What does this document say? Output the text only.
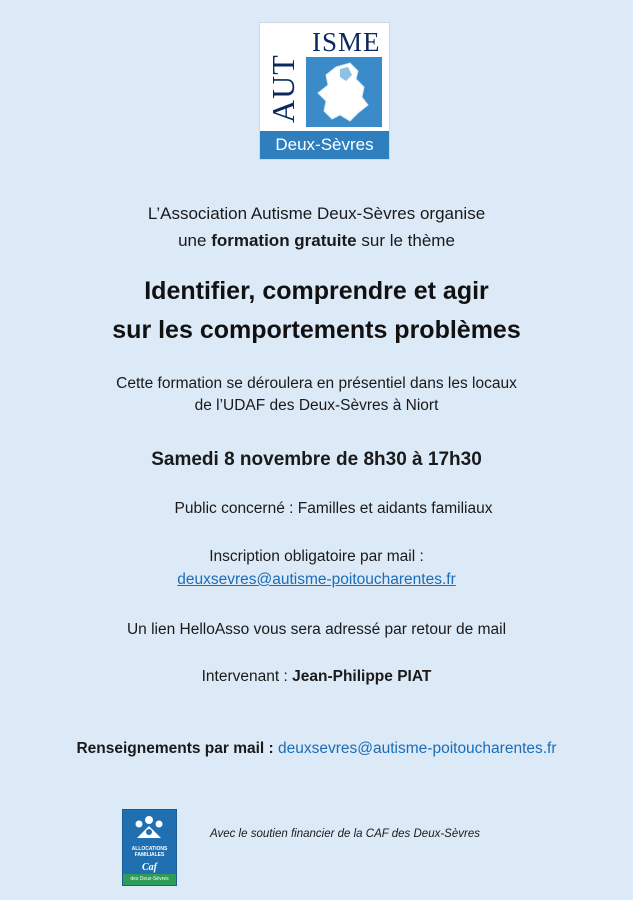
ISME
AUT
Deux-Sèvres
L’Association Autisme Deux-Sèvres organise
une formation gratuite sur le thème
Identifier, comprendre et agir
sur les comportements problèmes
Cette formation se déroulera en présentiel dans les locaux
de l’UDAF des Deux-Sèvres à Niort
Samedi 8 novembre de 8h30 à 17h30
Public concerné : Familles et aidants familiaux
Inscription obligatoire par mail :
deuxsevres@autisme-poitoucharentes.fr
Un lien HelloAsso vous sera adressé par retour de mail
Intervenant : Jean-Philippe PIAT
Renseignements par mail : deuxsevres@autisme-poitoucharentes.fr
ALLOCATIONS
FAMILIALES
Caf
des Deux-Sèvres
Avec le soutien financier de la CAF des Deux-Sèvres
